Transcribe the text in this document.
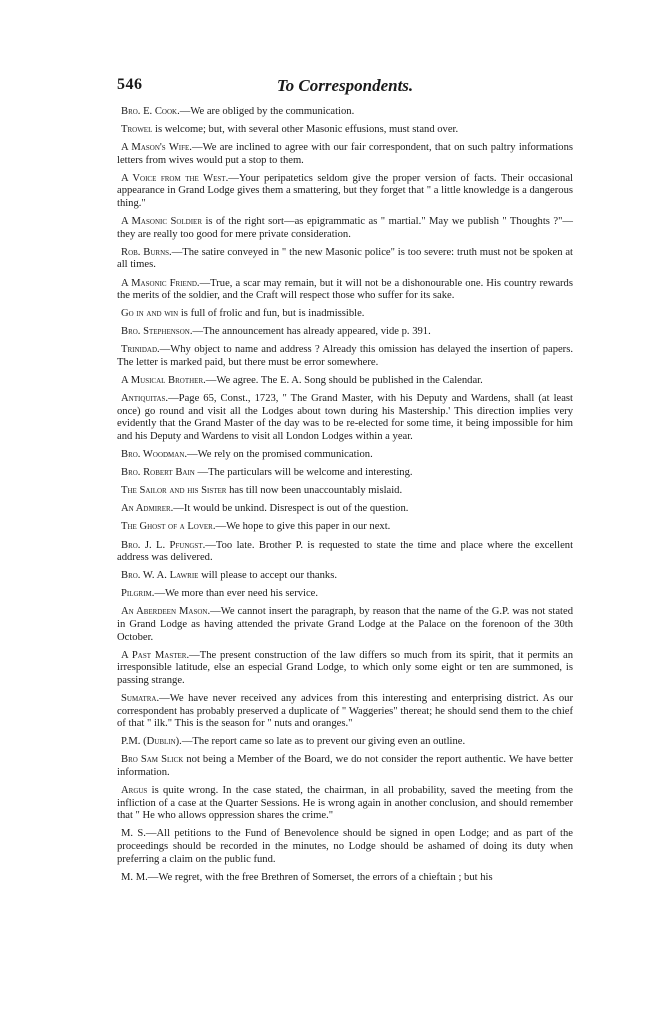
546	To Correspondents.

Bro. E. Cook.—We are obliged by the communication.

Trowel is welcome; but, with several other Masonic effusions, must stand over.

A Mason's Wife.—We are inclined to agree with our fair correspondent, that on such paltry informations letters from wives would put a stop to them.

A Voice from the West.—Your peripatetics seldom give the proper version of facts. Their occasional appearance in Grand Lodge gives them a smattering, but they forget that " a little knowledge is a dangerous thing."

A Masonic Soldier is of the right sort—as epigrammatic as " martial." May we publish " Thoughts ?"—they are really too good for mere private consideration.

Rob. Burns.—The satire conveyed in " the new Masonic police" is too severe: truth must not be spoken at all times.

A Masonic Friend.—True, a scar may remain, but it will not be a dishonourable one. His country rewards the merits of the soldier, and the Craft will respect those who suffer for its sake.

Go in and win is full of frolic and fun, but is inadmissible.

Bro. Stephenson.—The announcement has already appeared, vide p. 391.

Trinidad.—Why object to name and address ? Already this omission has delayed the insertion of papers. The letter is marked paid, but there must be error somewhere.

A Musical Brother.—We agree. The E. A. Song should be published in the Calendar.

Antiquitas.—Page 65, Const., 1723, " The Grand Master, with his Deputy and Wardens, shall (at least once) go round and visit all the Lodges about town during his Mastership.' This direction implies very evidently that the Grand Master of the day was to be re-elected for some time, it being impossible for him and his Deputy and Wardens to visit all London Lodges within a year.

Bro. Woodman.—We rely on the promised communication.

Bro. Robert Bain —The particulars will be welcome and interesting.

The Sailor and his Sister has till now been unaccountably mislaid.

An Admirer.—It would be unkind. Disrespect is out of the question.

The Ghost of a Lover.—We hope to give this paper in our next.

Bro. J. L. Pfungst.—Too late. Brother P. is requested to state the time and place where the excellent address was delivered.

Bro. W. A. Lawrie will please to accept our thanks.

Pilgrim.—We more than ever need his service.

An Aberdeen Mason.—We cannot insert the paragraph, by reason that the name of the G.P. was not stated in Grand Lodge as having attended the private Grand Lodge at the Palace on the forenoon of the 30th October.

A Past Master.—The present construction of the law differs so much from its spirit, that it permits an irresponsible latitude, else an especial Grand Lodge, to which only some eight or ten are summoned, is passing strange.

Sumatra.—We have never received any advices from this interesting and enterprising district. As our correspondent has probably preserved a duplicate of " Waggeries" thereat; he should send them to the chief of that " ilk." This is the season for " nuts and oranges."

P.M. (Dublin).—The report came so late as to prevent our giving even an outline.

Bro Sam Slick not being a Member of the Board, we do not consider the report authentic. We have better information.

Argus is quite wrong. In the case stated, the chairman, in all probability, saved the meeting from the infliction of a case at the Quarter Sessions. He is wrong again in another conclusion, and should remember that " He who allows oppression shares the crime."

M. S.—All petitions to the Fund of Benevolence should be signed in open Lodge; and as part of the proceedings should be recorded in the minutes, no Lodge should be ashamed of doing its duty when preferring a claim on the public fund.

M. M.—We regret, with the free Brethren of Somerset, the errors of a chieftain ; but his
